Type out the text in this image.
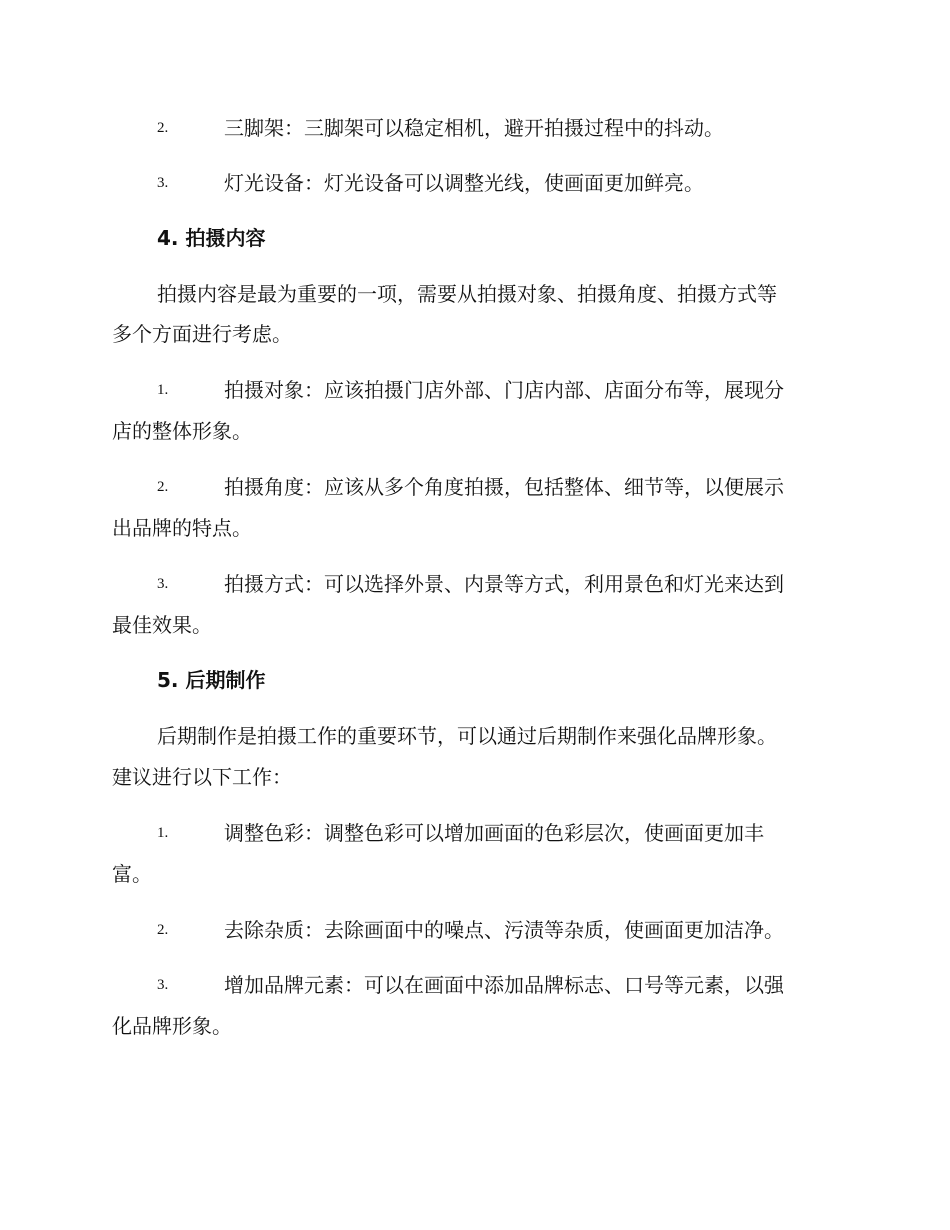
2.	三脚架：三脚架可以稳定相机，避开拍摄过程中的抖动。
3.	灯光设备：灯光设备可以调整光线，使画面更加鲜亮。
4. 拍摄内容
拍摄内容是最为重要的一项，需要从拍摄对象、拍摄角度、拍摄方式等
多个方面进行考虑。
1.	拍摄对象：应该拍摄门店外部、门店内部、店面分布等，展现分
店的整体形象。
2.	拍摄角度：应该从多个角度拍摄，包括整体、细节等，以便展示
出品牌的特点。
3.	拍摄方式：可以选择外景、内景等方式，利用景色和灯光来达到
最佳效果。
5. 后期制作
后期制作是拍摄工作的重要环节，可以通过后期制作来强化品牌形象。
建议进行以下工作：
1.	调整色彩：调整色彩可以增加画面的色彩层次，使画面更加丰
富。
2.	去除杂质：去除画面中的噪点、污渍等杂质，使画面更加洁净。
3.	增加品牌元素：可以在画面中添加品牌标志、口号等元素，以强
化品牌形象。
